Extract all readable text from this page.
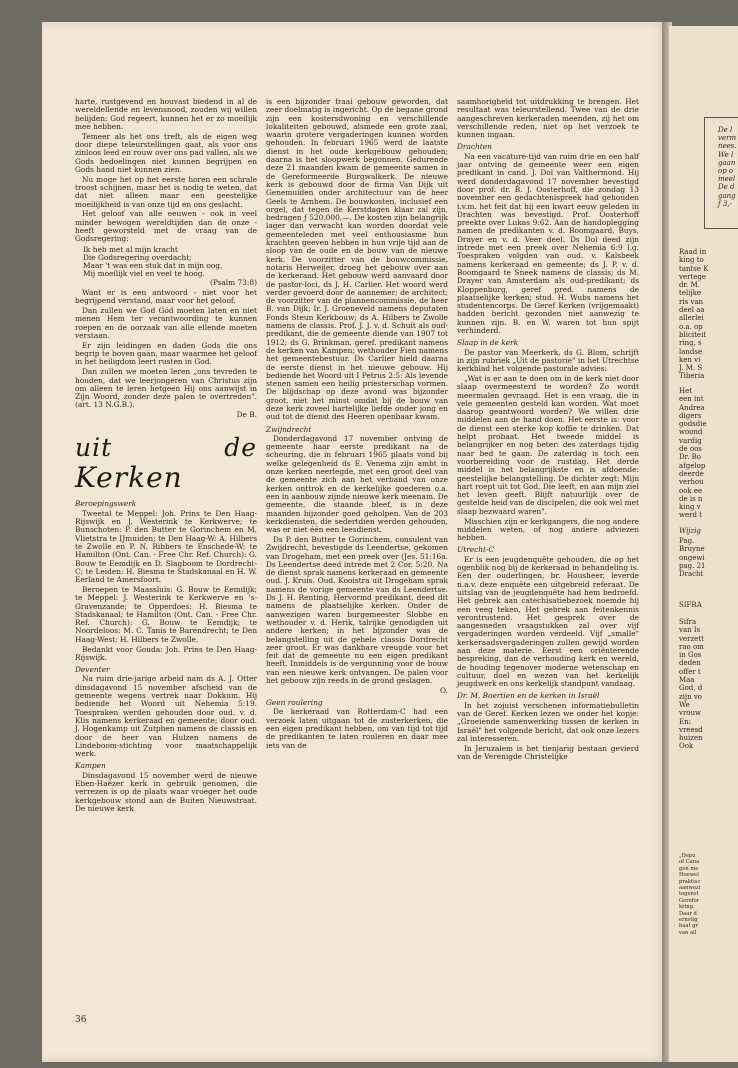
harte, rustgevend en houvast biedend in al de wereldellende en levensnood, zouden wij willen belijden: God regeert, kunnen het er zo moeilijk mee hebben.

Temeer als het ons treft, als de eigen weg door diepe teleurstellingen gaat, als voor ons zinloos leed en rouw over ons pad vallen, als we Gods bedoelingen niet kunnen begrijpen en Gods hand niet kunnen zien.

Nu moge het op het eerste horen een schrale troost schijnen, maar het is nodig te weten, dat dat niet alleen maar een geestelijke moeilijkheid is van onze tijd en ons geslacht.

Het geloof van alle eeuwen - ook in veel minder bewogen wereldtijden dan de onze - heeft geworsteld met de vraag van de Godsregering:

Ik heb met al mijn kracht
Die Godsregering overdacht;
Maar 't was een stuk dat in mijn oog,
Mij moeilijk viel en veel te hoog.
(Psalm 73:8)

Want er is een antwoord - niet voor het begrijpend verstand, maar voor het geloof.

Dan zullen we God Gód moeten laten en niet menen Hem ter verantwoording te kunnen roepen en de oorzaak van alle ellende moeten verstaan.

Er zijn leidingen en daden Gods die ons begrip te boven gaan, maar waarmee het geloof in het heiligdom leert rusten in God.

Dan zullen we moeten leren „ons tevreden te houden, dat we leerjongeren van Christus zijn om alleen te leren hetgeen Hij ons aanwijst in Zijn Woord, zonder deze palen te overtreden". (art. 13 N.G.B.).

De B.
uit de Kerken
Beroepingswerk

Tweetal te Meppel: Joh. Prins te Den Haag-Rijswijk en J. Westerink te Kerkwerve; te Bunschoten: P. den Butter te Gorinchem en M. Vlietstra te IJmuiden; te Den Haag-W: A. Hilbers te Zwolle en P. N. Ribbers te Enschede-W; te Hamilton (Ont. Can. - Free Chr. Ref. Church): G. Bouw te Eemdijk en D. Slagboom te Dordrecht-C; te Leiden: H. Biesma te Stadskanaal en H. W. Eerland te Amersfoort.

Beroepen te Maassluis: G. Bouw te Eemdijk; te Meppel: J. Westerink te Kerkwerve en 's-Gravenzande; te Opperdoes: H. Biesma te Stadskanaal; te Hamilton (Ont. Can. - Free Chr. Ref. Church): G. Bouw te Eemdijk; te Noordeloos: M. C. Tanis te Barendrecht; te Den Haag-West: H. Hilbers te Zwolle.

Bedankt voor Gouda: Joh. Prins te Den Haag-Rijswijk.

Deventer

Na ruim drie-jarige arbeid nam ds A. J. Otter dinsdagavond 15 november afscheid van de gemeente wegens vertrek naar Dokkum. Hij bediende het Woord uit Nehemia 5:19. Toespraken werden gehouden door oud. v. d. Klis namens kerkeraad en gemeente; door oud. J. Hogenkamp uit Zutphen namens de classis en door de heer van Hulzen namens de Lindeboom-stichting voor maatschappelijk werk.

Kampen

Dinsdagavond 15 november werd de nieuwe Eben-Haëzer kerk in gebruik genomen, die verrezen is op de plaats waar vroeger het oude kerkgebouw stond aan de Buiten Nieuwstraat. De nieuwe kerk

is een bijzonder fraai gebouw geworden, dat zeer doelmatig is ingericht. Op de begane grond zijn een kostersdwoning en verschillende lokaliteiten gebouwd, alsmede een grote zaal, waarin grotere vergaderingen kunnen worden gehouden. In februari 1965 werd de laatste dienst in het oude kerkgebouw gehouden; daarna is het sloopwerk begonnen. Gedurende deze 21 maanden kwam de gemeente samen in de Gereformeerde Burgwalkerk. De nieuwe kerk is gebouwd door de firma Van Dijk uit Genemuiden onder architectuur van de heer Geels te Arnhem. De bouwkosten, inclusief een orgel, dat tegen de Kerstdagen klaar zal zijn, bedragen ƒ 520.000,—. De kosten zijn belangrijk lager dan verwacht kan worden doordat vele gemeenteleden met veel enthousiasme hun krachten geeven hebben in hun vrije tijd aan de sloop van de oude en de bouw van de nieuwe kerk. De voorzitter van de bouwcommissie, notaris Herweijer, droeg het gebouw over aan de kerkeraad. Het gebouw werd aanvaard door de pastor-loci, ds J. H. Carlier. Het woord werd verder gevoerd door de aannemer; de architect; de voorzitter van de plannencommissie, de heer B. van Dijk; Ir. J. Groeneveld namens deputaten Fonds Steun Kerkbouw; ds A. Hilbers te Zwolle namens de classis. Prof. J. J. v. d. Schuit als oud-predikant, die de gemeente diende van 1907 tot 1912; ds G. Brinkman, geref. predikant namens de kerken van Kampen; wethouder Fien namens het gemeentebestuur. Ds Carlier hield daarna de eerste dienst in het nieuwe gebouw. Hij bediende het Woord uit I Petrus 2:5: Als levende stenen samen een heilig priesterschap vormen. De blijdschap op deze avond was bijzonder groot, niet het minst omdat bij de bouw van deze kerk zoveel hartelijke liefde onder jong en oud tot de dienst des Heeren openbaar kwam.

Zwijndrecht

Donderdagavond 17 november ontving de gemeente haar eerste predikant na de scheuring, die in februari 1965 plaats vond bij welke gelegenheid ds E. Venema zijn ambt in onze kerken neerlegde, met een groot deel van de gemeente zich aan het verband van onze kerken onttrok en de kerkelijke goederen o.a. een in aanbouw zijnde nieuwe kerk meenam. De gemeente, die staande bleef, is in deze maanden bijzonder goed geholpen. Van de 203 kerkdiensten, die sedertdien werden gehouden, was er niet één een leesdienst.

Ds P. den Butter te Gorinchem, consulent van Zwijdrecht, bevestigde ds Leendertse, gekomen van Drogeham, met een preek over (Jes. 51:16a. Ds Leendertse deed intrede met 2 Cor. 5:20. Na de dienst sprak namens kerkeraad en gemeente oud. J. Kruis. Oud. Kooistra uit Drogeham sprak namens de vorige gemeente van ds Leendertse. Ds J. H. Renting, Hervormd predikant, deed dit namens de plaatselijke kerken. Onder de aanwezigen waren burgemeester Slobbe en wethouder v. d. Herik, talrijke genodigden uit andere kerken; in het bijzonder was de belangstelling uit de gehele classis Dordrecht zeer groot. Er was dankbare vreugde voor het feit dat de gemeente nu een eigen predikant heeft. Inmiddels is de vergunning voor de bouw van een nieuwe kerk ontvangen. De palen voor het gebouw zijn reeds in de grond geslagen.

O.
Geen roulering

De kerkeraad van Rotterdam-C had een verzoek laten uitgaan tot de zusterkerken, die een eigen predikant hebben, om van tijd tot tijd de predikanten te laten rouleren en daar mee iets van de

saamhorigheid tot uitdrukking te brengen. Het resultaat was teleurstellend. Twee van de drie aangeschreven kerkeraden meenden, zij het om verschillende reden, niet op het verzoek te kunnen ingaan.

Drachten

Na een vacature-tijd van ruim drie en een half jaar ontving de gemeente weer een eigen predikant in cand. J. Dol van Valthermond. Hij werd donderdagavond 17 november bevestigd door prof. dr. B. J. Oosterhoff, die zondag 13 november een gedachtenispreek had gehouden i.v.m. het feit dat hij een kwart eeuw geleden in Drachten was bevestigd. Prof. Oosterhoff preekte over Lukas 9:62. Aan de handoplegging namen de predikanten v. d. Boomgaard, Buys, Drayer en v. d. Veer deel. Ds Dol deed zijn intrede met een preek over Nehemia 6:9 l.g. Toespraken volgden van oud. v. Kalsbeek namens kerkeraad en gemeente; ds J. P. v. d. Boomgaard te Sneek namens de classis; ds M. Drayer van Amsterdam als oud-predikant; ds Kloppenburg, geref pred. namens de plaatselijke kerken; stud. H. Wubs namens het studentencorps. De Geref Kerken (vrijgemaakt) hadden bericht gezonden niet aanwezig te kunnen zijn. B. en W. waren tot hun spijt verhinderd.

Slaap in de kerk

De pastor van Meerkerk, ds G. Blom, schrijft in zijn rubriek „Uit de pastorie" in het Utrechtse kerkblad het volgende pastorale advies:

„Wat is er aan te doen om in de kerk niet door slaap overmeesterd te worden? Zo wordt meermalen gevraagd. Het is een vraag, die in vele gemeenten gesteld kan worden. Wat moet daarop geantwoord worden? We willen drie middelen aan de hand doen. Het eerste is: voor de dienst een sterke kop koffie te drinken. Dat helpt probaat. Het tweede middel is belangrijker en nog beter: des zaterdags tijdig naar bed te gaan. De zaterdag is toch een voorbereiding voor de rustdag. Het derde middel is het belangrijkste en is afdoende: geestelijke belangstelling. De dichter zegt: Mijn hart roept uit tot God, Die leeft, en aan mijn ziel het leven geeft. Blijft natuurlijk over de gestelde heid van de discipelen, die ook wel met slaap bezwaard waren".

Misschien zijn er kerkgangers, die nog andere middelen weten, of nog andere adviezen hebben.

Utrecht-C

Er is een jeugdenquête gehouden, die op het ogenblik nog bij de kerkeraad in behandeling is. Een der ouderlingen, br. Housheer, leverde n.a.v. deze enquête een uitgebreid referaat. De uitslag van de jeugdenquête had hem bedroefd. Het gebrek aan catechisatiebezoek noemde hij een veeg teken. Het gebrek aan feitenkennis verontrustend. Het gesprek over de aangesneden vraagstukken zal over vijf vergaderingen worden verdeeld. Vijf „smalle" kerkeraadsvergaderingen zullen gewijd worden aan deze materie. Eerst een oriënterende bespreking, dan de verhouding kerk en wereld, de houding tegenover moderne wetenschap en cultuur, doel en wezen van het kerkelijk jeugdwerk en ons kerkelijk standpunt vandaag.

Dr. M. Boertien en de kerken in Israël

In het zojuist verschenen informatiebulletin van de Geref. Kerken lezen we onder het kopje: „Groeiende samenwerking tussen de kerken in Israël" het volgende bericht, dat ook onze lezers zal interesseren.

In Jeruzalem is het tienjarig bestaan gevierd van de Verenigde Christelijke

36
De l
verm
nees.
We l
gaan
op o
meel
De d
gang
ƒ 3,-
Raad in
king to
tantse K
vertege
dr. M.
telijke
ris van
deel aa
allerlei
o.a. op
bliciteit
ring, s
landse
ken vi
J. M. S
Tiberia
Het
een int
Andrea
digers
godsdie
woond
vardig
de oos
Dr. Bo
afgelop
deerde
verhou
ook ee
de is n
king v
werd t
Wijzig
Pag.
Bruyne
ongewi
pag. 21
Dracht
SIFRA
Sifra
van Is
verzett
rao om
in Gos
deden
offer t
Maa
God, d
zijn vo
We
vrouw
En:
vreesd
huizen
Ook
„Depu
of Cana
gen me
Hoewel
praktisc
aanwezi
tegenst
Gerefor
kring.
Daar d
ernstig
baat gr
van all
